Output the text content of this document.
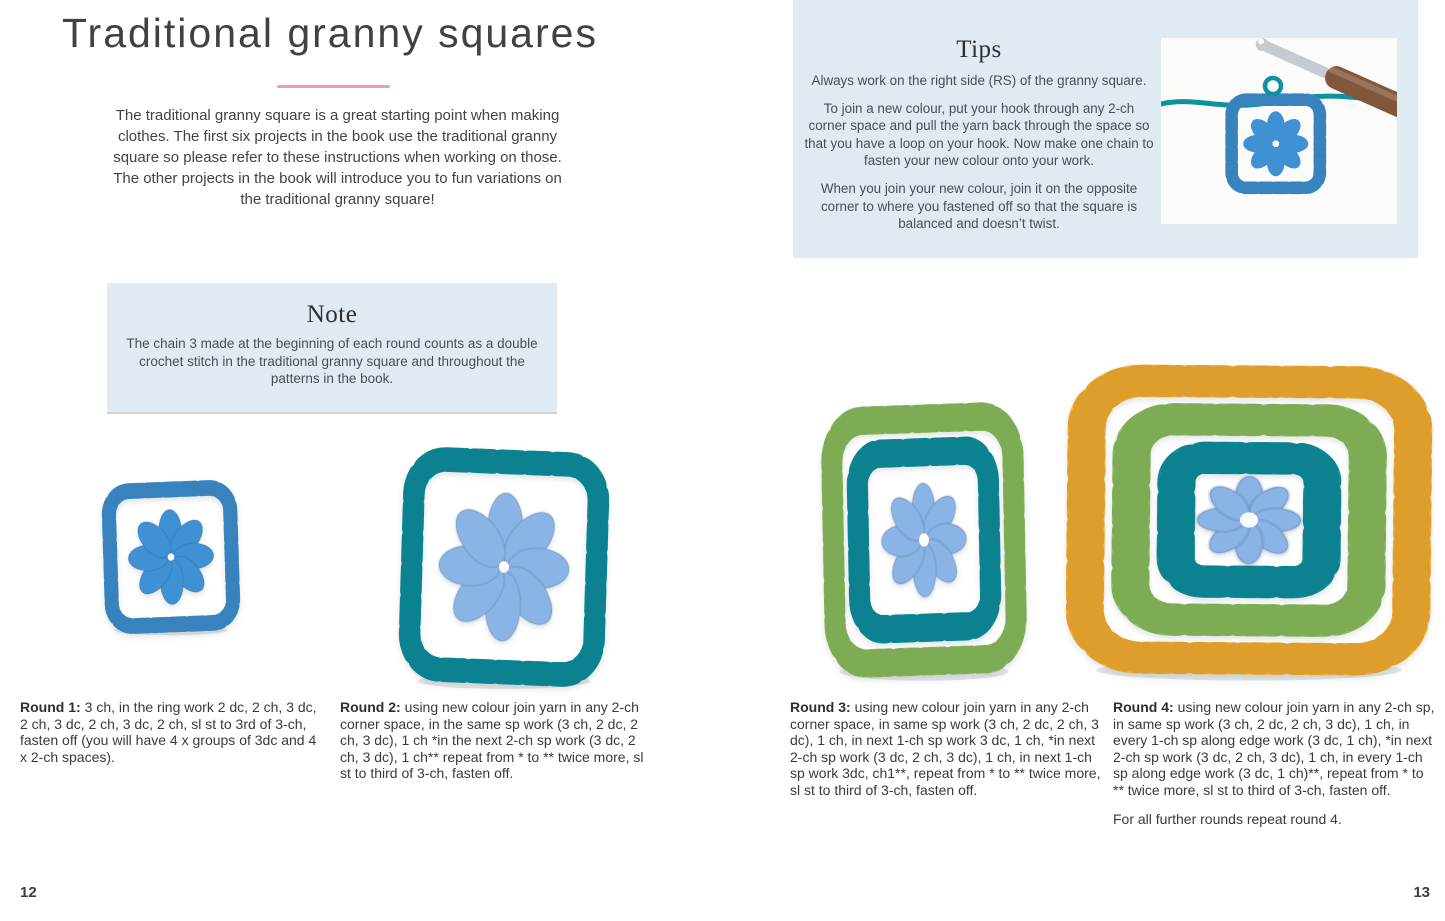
Traditional granny squares

The traditional granny square is a great starting point when making clothes. The first six projects in the book use the traditional granny square so please refer to these instructions when working on those. The other projects in the book will introduce you to fun variations on the traditional granny square!

Note

The chain 3 made at the beginning of each round counts as a double crochet stitch in the traditional granny square and throughout the patterns in the book.

Round 1: 3 ch, in the ring work 2 dc, 2 ch, 3 dc, 2 ch, 3 dc, 2 ch, 3 dc, 2 ch, sl st to 3rd of 3-ch, fasten off (you will have 4 x groups of 3dc and 4 x 2-ch spaces).

Round 2: using new colour join yarn in any 2-ch corner space, in the same sp work (3 ch, 2 dc, 2 ch, 3 dc), 1 ch *in the next 2-ch sp work (3 dc, 2 ch, 3 dc), 1 ch** repeat from * to ** twice more, sl st to third of 3-ch, fasten off.

12
Tips

Always work on the right side (RS) of the granny square.

To join a new colour, put your hook through any 2-ch corner space and pull the yarn back through the space so that you have a loop on your hook. Now make one chain to fasten your new colour onto your work.

When you join your new colour, join it on the opposite corner to where you fastened off so that the square is balanced and doesn’t twist.

Round 3: using new colour join yarn in any 2-ch corner space, in same sp work (3 ch, 2 dc, 2 ch, 3 dc), 1 ch, in next 1-ch sp work 3 dc, 1 ch, *in next 2-ch sp work (3 dc, 2 ch, 3 dc), 1 ch, in next 1-ch sp work 3dc, ch1**, repeat from * to ** twice more, sl st to third of 3-ch, fasten off.

Round 4: using new colour join yarn in any 2-ch sp, in same sp work (3 ch, 2 dc, 2 ch, 3 dc), 1 ch, in every 1-ch sp along edge work (3 dc, 1 ch), *in next 2-ch sp work (3 dc, 2 ch, 3 dc), 1 ch, in every 1-ch sp along edge work (3 dc, 1 ch)**, repeat from * to ** twice more, sl st to third of 3-ch, fasten off.

For all further rounds repeat round 4.

13
